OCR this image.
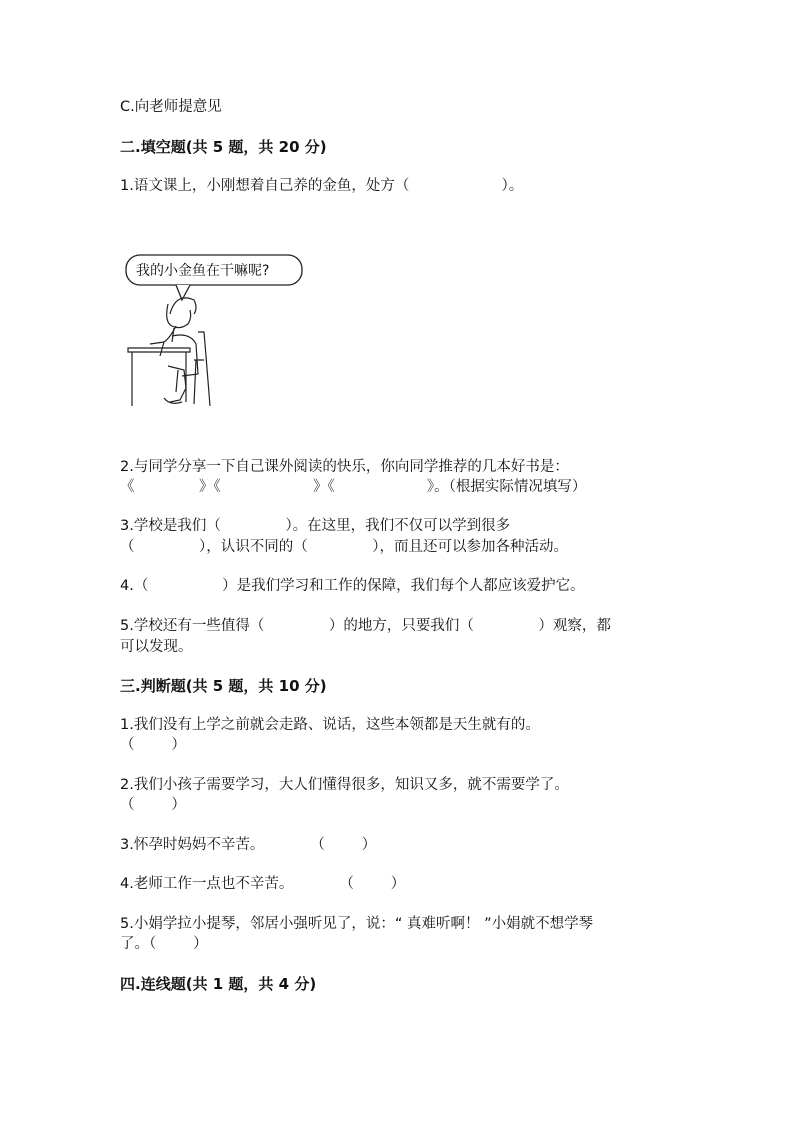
C.向老师提意见
二.填空题(共 5 题，共 20 分)
1.语文课上，小刚想着自己养的金鱼，处方（                    ）。
我的小金鱼在干嘛呢?
2.与同学分享一下自己课外阅读的快乐，你向同学推荐的几本好书是：
《              》《                    》《                    》。（根据实际情况填写）
3.学校是我们（              ）。在这里，我们不仅可以学到很多
（              ），认识不同的（              ），而且还可以参加各种活动。
4.（                ）是我们学习和工作的保障，我们每个人都应该爱护它。
5.学校还有一些值得（              ）的地方，只要我们（              ）观察，都
可以发现。
三.判断题(共 5 题，共 10 分)
1.我们没有上学之前就会走路、说话，这些本领都是天生就有的。
（        ）
2.我们小孩子需要学习，大人们懂得很多，知识又多，就不需要学了。
（        ）
3.怀孕时妈妈不辛苦。          （        ）
4.老师工作一点也不辛苦。          （        ）
5.小娟学拉小提琴，邻居小强听见了，说：“ 真难听啊！ ”小娟就不想学琴
了。（        ）
四.连线题(共 1 题，共 4 分)
